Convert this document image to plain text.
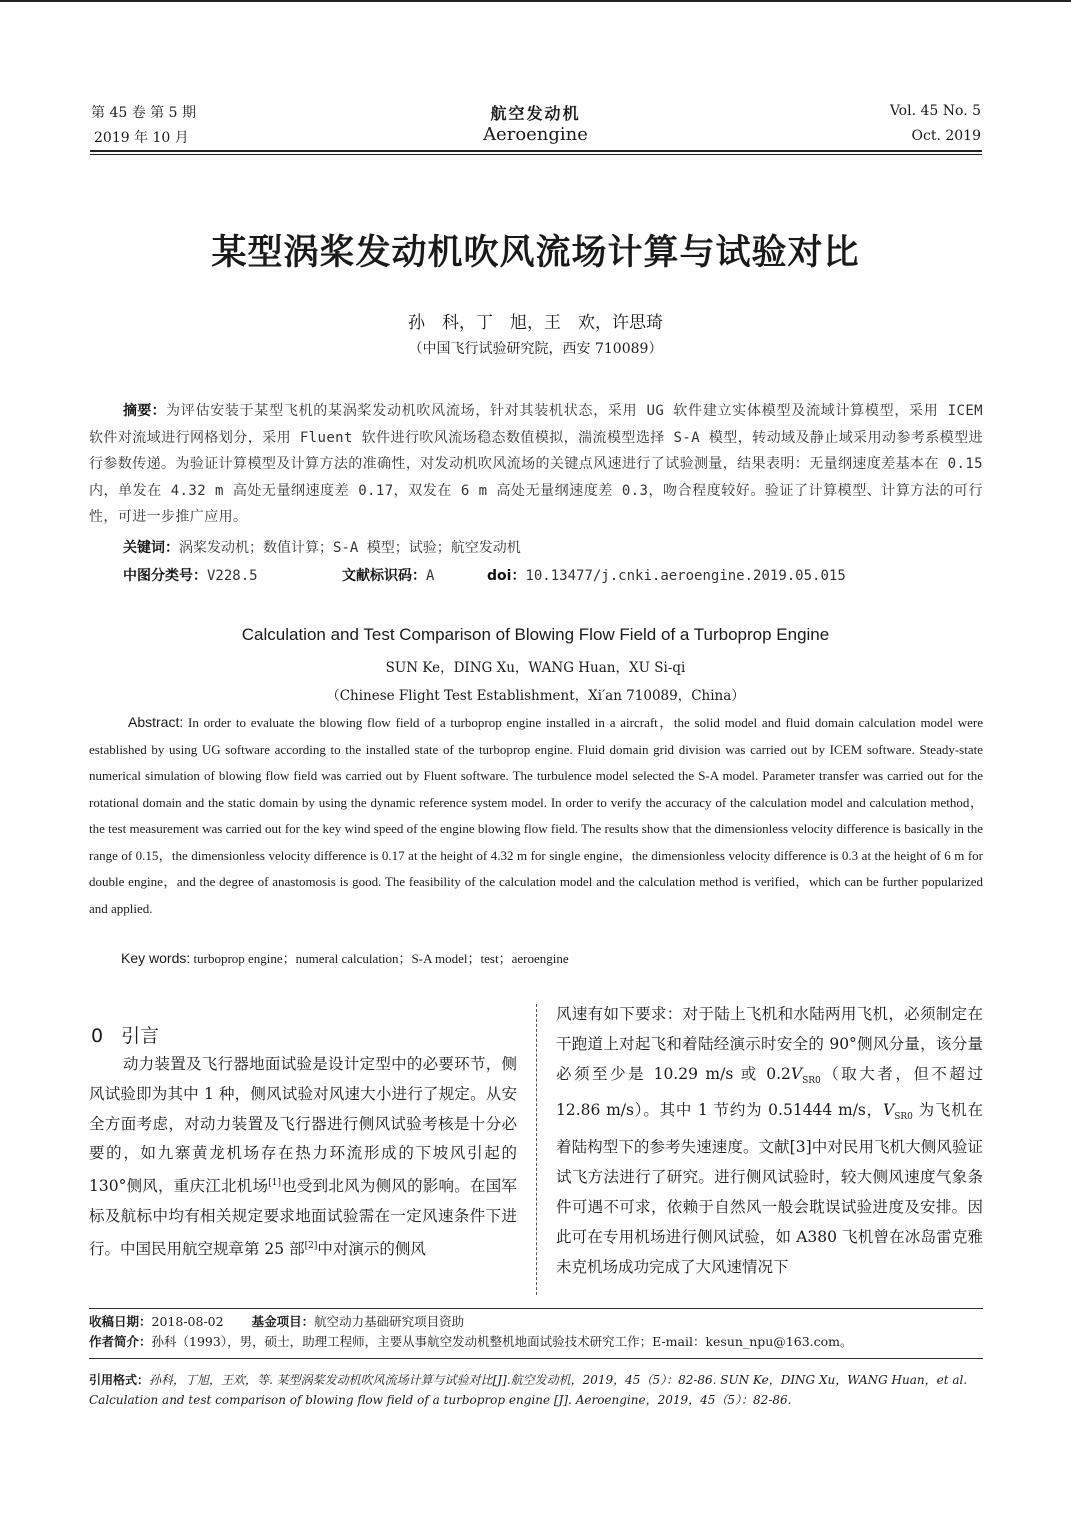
第 45 卷 第 5 期
2019 年 10 月
航空发动机
Aeroengine
Vol. 45 No. 5
Oct. 2019
某型涡桨发动机吹风流场计算与试验对比
孙　科，丁　旭，王　欢，许思琦
（中国飞行试验研究院，西安 710089）
摘要：为评估安装于某型飞机的某涡桨发动机吹风流场，针对其装机状态，采用 UG 软件建立实体模型及流域计算模型，采用 ICEM 软件对流域进行网格划分，采用 Fluent 软件进行吹风流场稳态数值模拟，湍流模型选择 S-A 模型，转动域及静止域采用动参考系模型进行参数传递。为验证计算模型及计算方法的准确性，对发动机吹风流场的关键点风速进行了试验测量，结果表明：无量纲速度差基本在 0.15 内，单发在 4.32 m 高处无量纲速度差 0.17，双发在 6 m 高处无量纲速度差 0.3，吻合程度较好。验证了计算模型、计算方法的可行性，可进一步推广应用。
关键词：涡桨发动机；数值计算；S-A 模型；试验；航空发动机
中图分类号：V228.5	文献标识码：A	doi：10.13477/j.cnki.aeroengine.2019.05.015
Calculation and Test Comparison of Blowing Flow Field of a Turboprop Engine
SUN Ke，DING Xu，WANG Huan，XU Si-qi
（Chinese Flight Test Establishment，Xi′an 710089，China）
Abstract: In order to evaluate the blowing flow field of a turboprop engine installed in a aircraft，the solid model and fluid domain calculation model were established by using UG software according to the installed state of the turboprop engine. Fluid domain grid division was carried out by ICEM software. Steady-state numerical simulation of blowing flow field was carried out by Fluent software. The turbulence model selected the S-A model. Parameter transfer was carried out for the rotational domain and the static domain by using the dynamic reference system model. In order to verify the accuracy of the calculation model and calculation method，the test measurement was carried out for the key wind speed of the engine blowing flow field. The results show that the dimensionless velocity difference is basically in the range of 0.15，the dimensionless velocity difference is 0.17 at the height of 4.32 m for single engine，the dimensionless velocity difference is 0.3 at the height of 6 m for double engine，and the degree of anastomosis is good. The feasibility of the calculation model and the calculation method is verified，which can be further popularized and applied.
Key words: turboprop engine；numeral calculation；S-A model；test；aeroengine
0 引言
动力装置及飞行器地面试验是设计定型中的必要环节，侧风试验即为其中 1 种，侧风试验对风速大小进行了规定。从安全方面考虑，对动力装置及飞行器进行侧风试验考核是十分必要的，如九寨黄龙机场存在热力环流形成的下坡风引起的 130°侧风，重庆江北机场[1]也受到北风为侧风的影响。在国军标及航标中均有相关规定要求地面试验需在一定风速条件下进行。中国民用航空规章第 25 部[2]中对演示的侧风
风速有如下要求：对于陆上飞机和水陆两用飞机，必须制定在干跑道上对起飞和着陆经演示时安全的 90°侧风分量，该分量必须至少是 10.29 m/s 或 $0.2V_{SR0}$（取大者，但不超过 12.86 m/s）。其中 1 节约为 0.51444 m/s，$V_{SR0}$ 为飞机在着陆构型下的参考失速速度。文献[3]中对民用飞机大侧风验证试飞方法进行了研究。进行侧风试验时，较大侧风速度气象条件可遇不可求，依赖于自然风一般会耽误试验进度及安排。因此可在专用机场进行侧风试验，如 A380 飞机曾在冰岛雷克雅未克机场成功完成了大风速情况下
收稿日期：2018-08-02 基金项目：航空动力基础研究项目资助
作者简介：孙科（1993），男，硕士，助理工程师，主要从事航空发动机整机地面试验技术研究工作；E-mail：kesun_npu@163.com。
引用格式：孙科，丁旭，王欢，等. 某型涡桨发动机吹风流场计算与试验对比[J].航空发动机，2019，45（5）：82-86. SUN Ke，DING Xu，WANG Huan，et al. Calculation and test comparison of blowing flow field of a turboprop engine [J]. Aeroengine，2019，45（5）：82-86.
